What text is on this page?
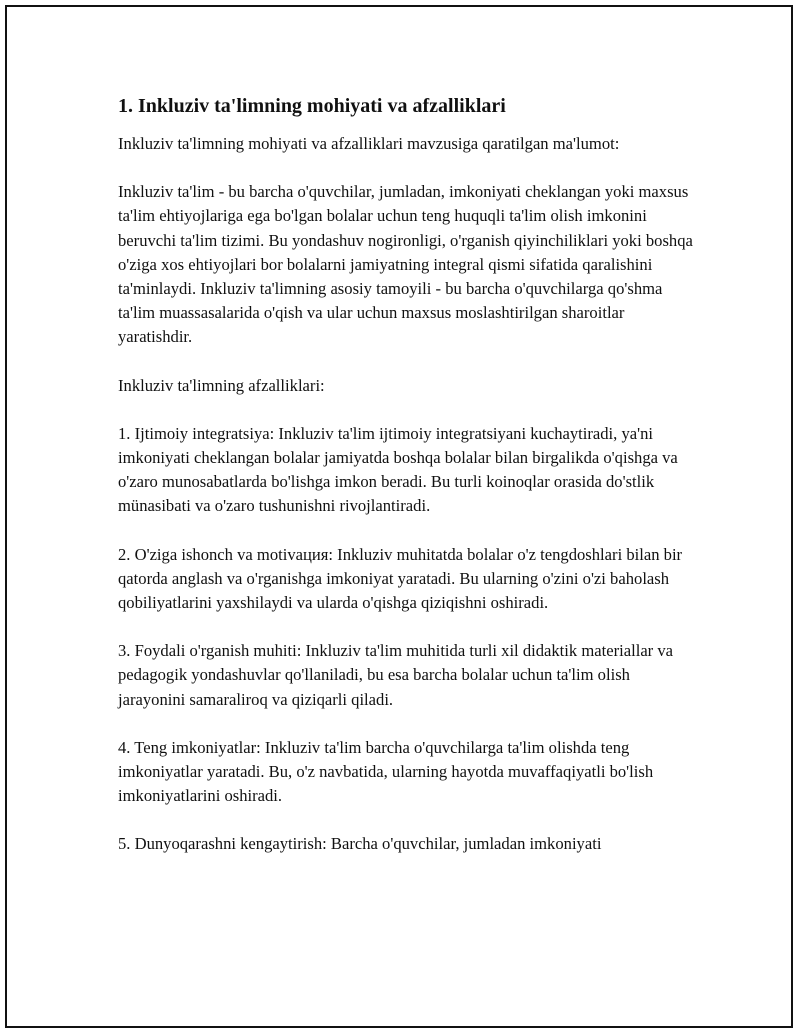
1. Inkluziv ta'limning mohiyati va afzalliklari

Inkluziv ta'limning mohiyati va afzalliklari mavzusiga qaratilgan ma'lumot:

Inkluziv ta'lim - bu barcha o'quvchilar, jumladan, imkoniyati cheklangan yoki maxsus ta'lim ehtiyojlariga ega bo'lgan bolalar uchun teng huquqli ta'lim olish imkonini beruvchi ta'lim tizimi. Bu yondashuv nogironligi, o'rganish qiyinchiliklari yoki boshqa o'ziga xos ehtiyojlari bor bolalarni jamiyatning integral qismi sifatida qaralishini ta'minlaydi. Inkluziv ta'limning asosiy tamoyili - bu barcha o'quvchilarga qo'shma ta'lim muassasalarida o'qish va ular uchun maxsus moslashtirilgan sharoitlar yaratishdir.

Inkluziv ta'limning afzalliklari:

1. Ijtimoiy integratsiya: Inkluziv ta'lim ijtimoiy integratsiyani kuchaytiradi, ya'ni imkoniyati cheklangan bolalar jamiyatda boshqa bolalar bilan birgalikda o'qishga va o'zaro munosabatlarda bo'lishga imkon beradi. Bu turli koinoqlar orasida do'stlik münasibati va o'zaro tushunishni rivojlantiradi.

2. O'ziga ishonch va motivация: Inkluziv muhitatda bolalar o'z tengdoshlari bilan bir qatorda anglash va o'rganishga imkoniyat yaratadi. Bu ularning o'zini o'zi baholash qobiliyatlarini yaxshilaydi va ularda o'qishga qiziqishni oshiradi.

3. Foydali o'rganish muhiti: Inkluziv ta'lim muhitida turli xil didaktik materiallar va pedagogik yondashuvlar qo'llaniladi, bu esa barcha bolalar uchun ta'lim olish jarayonini samaraliroq va qiziqarli qiladi.

4. Teng imkoniyatlar: Inkluziv ta'lim barcha o'quvchilarga ta'lim olishda teng imkoniyatlar yaratadi. Bu, o'z navbatida, ularning hayotda muvaffaqiyatli bo'lish imkoniyatlarini oshiradi.

5. Dunyoqarashni kengaytirish: Barcha o'quvchilar, jumladan imkoniyati
